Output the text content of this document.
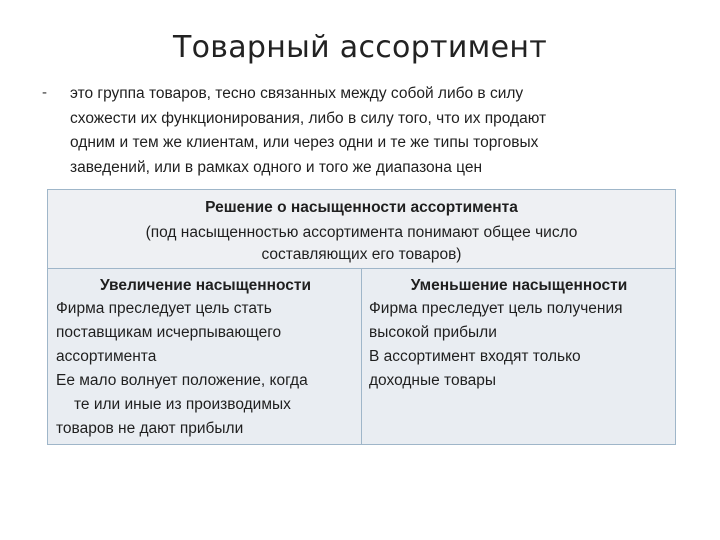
Товарный ассортимент
- это группа товаров, тесно связанных между собой либо в силу
схожести их функционирования, либо в силу того, что их продают
одним и тем же клиентам, или через одни и те же типы торговых
заведений, или в рамках одного и того же диапазона цен
Решение о насыщенности ассортимента
(под насыщенностью ассортимента понимают общее число
составляющих его товаров)
Увеличение насыщенности

Фирма преследует цель стать

поставщикам исчерпывающего

ассортимента

Ее мало волнует положение, когда

те или иные из производимых

товаров не дают прибыли

Уменьшение насыщенности

Фирма преследует цель получения

высокой прибыли

В ассортимент входят только

доходные товары
